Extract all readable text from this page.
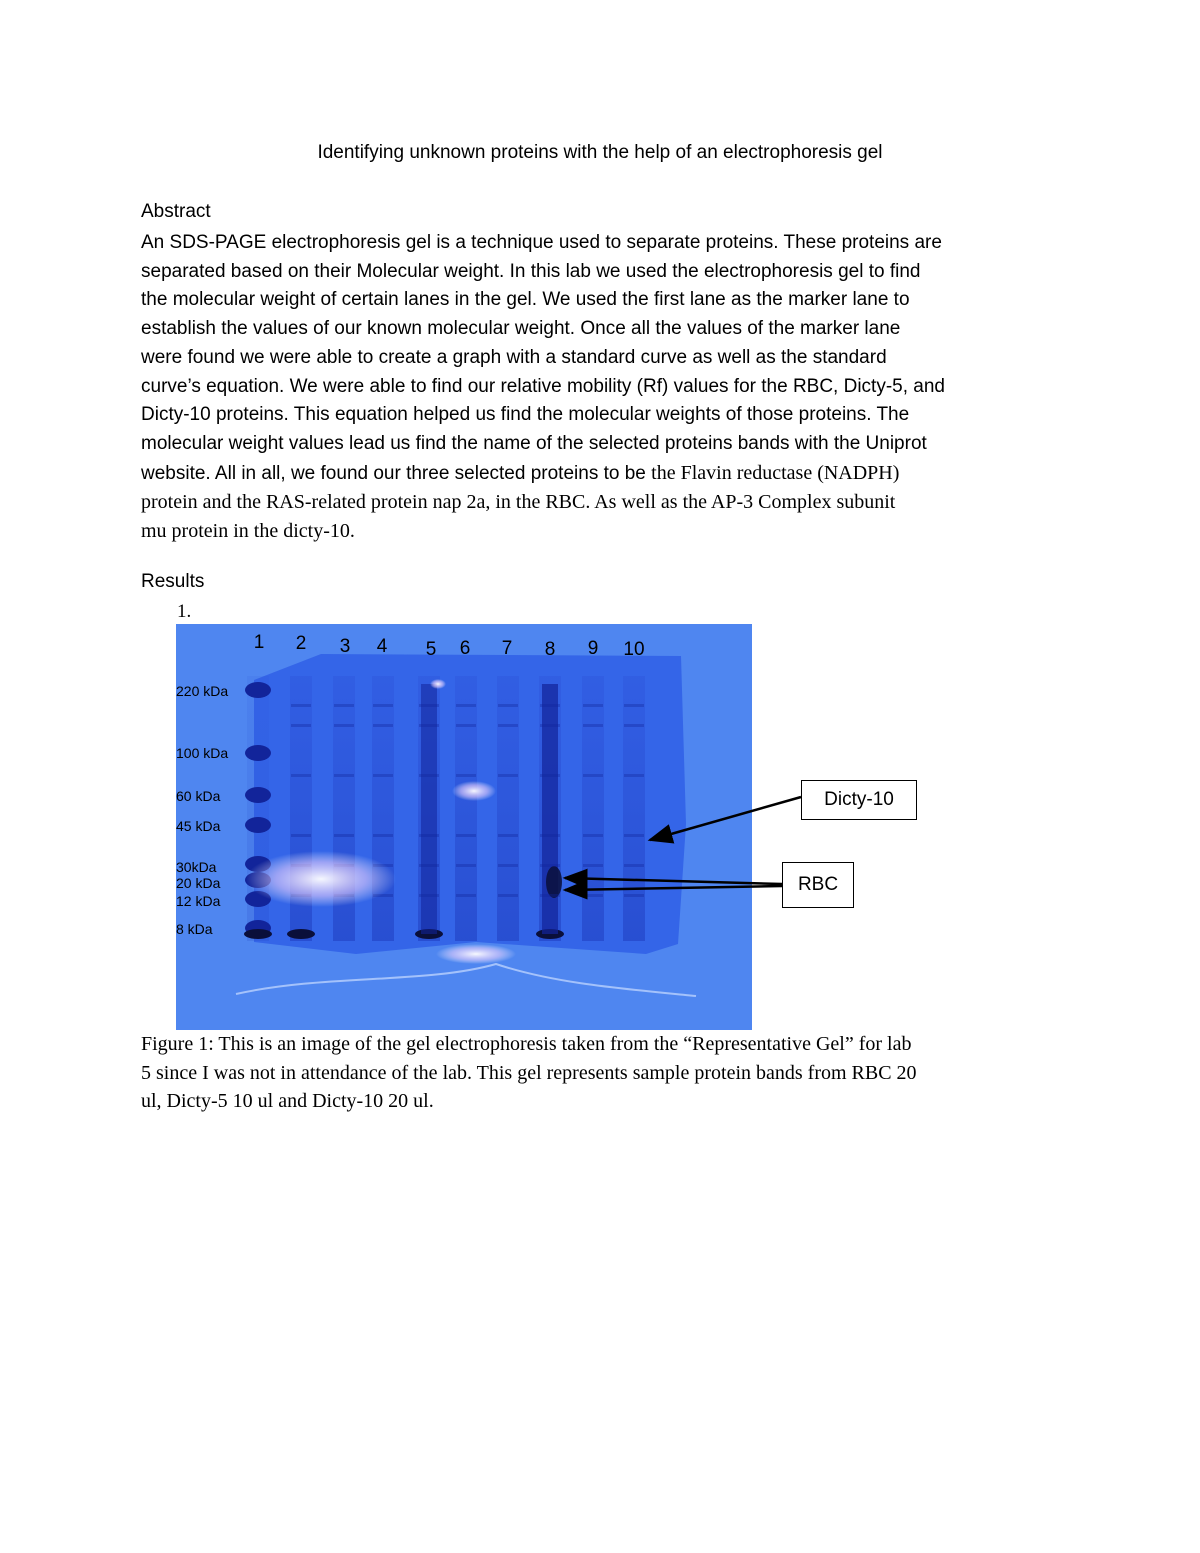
Identifying unknown proteins with the help of an electrophoresis gel
Abstract
An SDS-PAGE electrophoresis gel is a technique used to separate proteins. These proteins are
separated based on their Molecular weight. In this lab we used the electrophoresis gel to find
the molecular weight of certain lanes in the gel. We used the first lane as the marker lane to
establish the values of our known molecular weight. Once all the values of the marker lane
were found we were able to create a graph with a standard curve as well as the standard
curve’s equation. We were able to find our relative mobility (Rf) values for the RBC, Dicty-5, and
Dicty-10 proteins. This equation helped us find the molecular weights of those proteins. The
molecular weight values lead us find the name of the selected proteins bands with the Uniprot
website. All in all, we found our three selected proteins to be the Flavin reductase (NADPH)
protein and the RAS-related protein nap 2a, in the RBC. As well as the AP-3 Complex subunit
mu protein in the dicty-10.
Results
1.
1 2 3 4 5 6 7 8 9 10
220 kDa
100 kDa
60 kDa
45 kDa
30kDa
20 kDa
12 kDa
8 kDa
Figure 1: This is an image of the gel electrophoresis taken from the “Representative Gel” for lab
5 since I was not in attendance of the lab. This gel represents sample protein bands from RBC 20
ul, Dicty-5 10 ul and Dicty-10 20 ul.
Dicty-10
RBC
